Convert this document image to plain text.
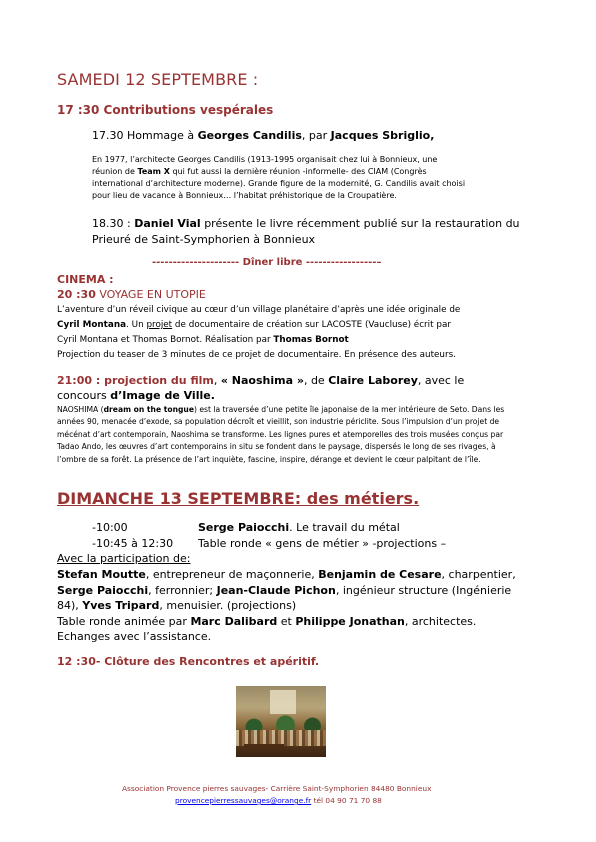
SAMEDI 12 SEPTEMBRE :
17 :30 Contributions vespérales
17.30 Hommage à Georges Candilis, par Jacques Sbriglio,
En 1977, l’architecte Georges Candilis (1913-1995 organisait chez lui à Bonnieux, une
réunion de Team X qui fut aussi la dernière réunion -informelle- des CIAM (Congrès
international d’architecture moderne). Grande figure de la modernité, G. Candilis avait choisi
pour lieu de vacance à Bonnieux… l’habitat préhistorique de la Croupatière.
18.30 : Daniel Vial présente le livre récemment publié sur la restauration du
Prieuré de Saint-Symphorien à Bonnieux
--------------------- Dîner libre -----------------–
CINEMA :
20 :30 VOYAGE EN UTOPIE
L’aventure d’un réveil civique au cœur d’un village planétaire d’après une idée originale de
Cyril Montana. Un projet de documentaire de création sur LACOSTE (Vaucluse) écrit par
Cyril Montana et Thomas Bornot. Réalisation par Thomas Bornot
Projection du teaser de 3 minutes de ce projet de documentaire. En présence des auteurs.
21:00 : projection du film, « Naoshima », de Claire Laborey, avec le
concours d’Image de Ville.
NAOSHIMA (dream on the tongue) est la traversée d’une petite île japonaise de la mer intérieure de Seto. Dans les
années 90, menacée d’exode, sa population décroît et vieillit, son industrie périclite. Sous l’impulsion d’un projet de
mécénat d’art contemporain, Naoshima se transforme. Les lignes pures et atemporelles des trois musées conçus par
Tadao Ando, les œuvres d’art contemporains in situ se fondent dans le paysage, dispersés le long de ses rivages, à
l’ombre de sa forêt. La présence de l’art inquiète, fascine, inspire, dérange et devient le cœur palpitant de l’île.
DIMANCHE 13 SEPTEMBRE: des métiers.
-10:00	Serge Paiocchi. Le travail du métal
-10:45 à 12:30 Table ronde « gens de métier » -projections –
Avec la participation de:
Stefan Moutte, entrepreneur de maçonnerie, Benjamin de Cesare, charpentier,
Serge Paiocchi, ferronnier; Jean-Claude Pichon, ingénieur structure (Ingénierie
84), Yves Tripard, menuisier. (projections)
Table ronde animée par Marc Dalibard et Philippe Jonathan, architectes.
Echanges avec l’assistance.
12 :30- Clôture des Rencontres et apéritif.
Association Provence pierres sauvages- Carrière Saint-Symphorien 84480 Bonnieux
provencepierressauvages@orange.fr tél 04 90 71 70 88
